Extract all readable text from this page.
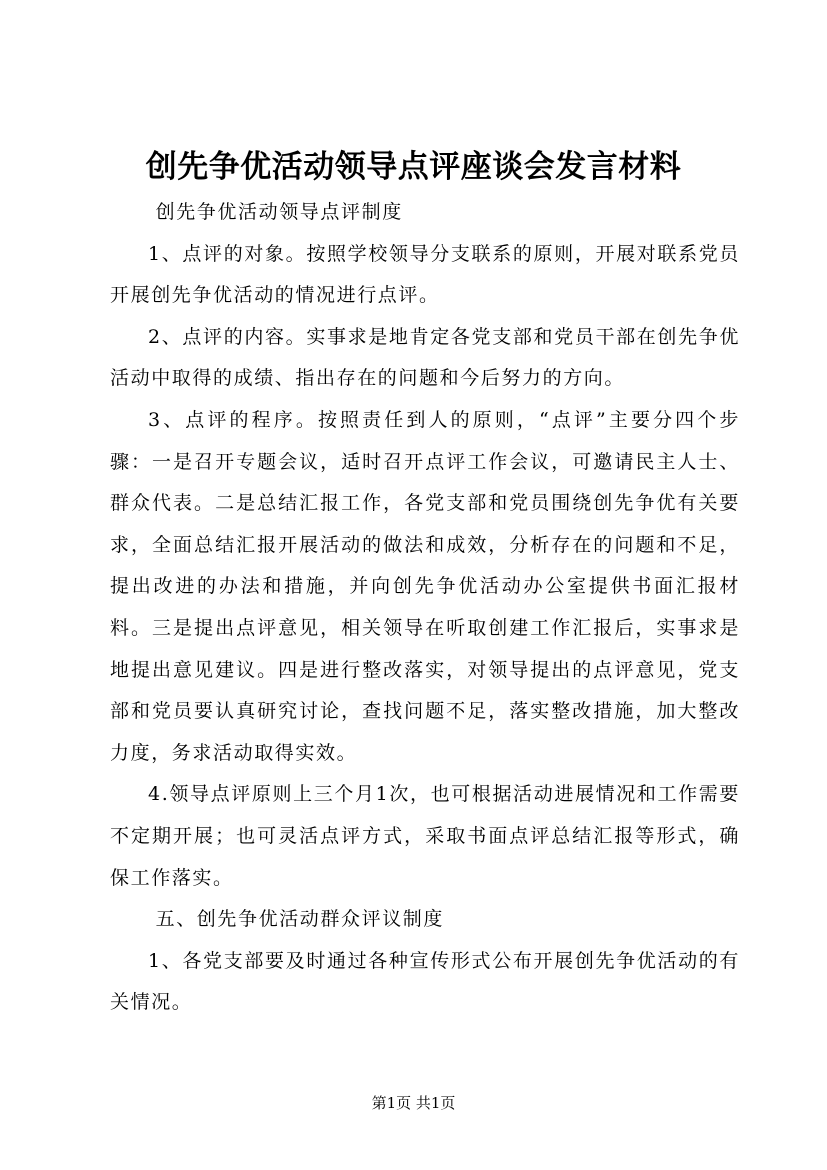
创先争优活动领导点评座谈会发言材料

创先争优活动领导点评制度

1、点评的对象。按照学校领导分支联系的原则，开展对联系党员开展创先争优活动的情况进行点评。

2、点评的内容。实事求是地肯定各党支部和党员干部在创先争优活动中取得的成绩、指出存在的问题和今后努力的方向。

3、点评的程序。按照责任到人的原则，“点评”主要分四个步骤：一是召开专题会议，适时召开点评工作会议，可邀请民主人士、群众代表。二是总结汇报工作，各党支部和党员围绕创先争优有关要求，全面总结汇报开展活动的做法和成效，分析存在的问题和不足，提出改进的办法和措施，并向创先争优活动办公室提供书面汇报材料。三是提出点评意见，相关领导在听取创建工作汇报后，实事求是地提出意见建议。四是进行整改落实，对领导提出的点评意见，党支部和党员要认真研究讨论，查找问题不足，落实整改措施，加大整改力度，务求活动取得实效。

4.领导点评原则上三个月1次，也可根据活动进展情况和工作需要不定期开展；也可灵活点评方式，采取书面点评总结汇报等形式，确保工作落实。

五、创先争优活动群众评议制度

1、各党支部要及时通过各种宣传形式公布开展创先争优活动的有关情况。

第1页 共1页
